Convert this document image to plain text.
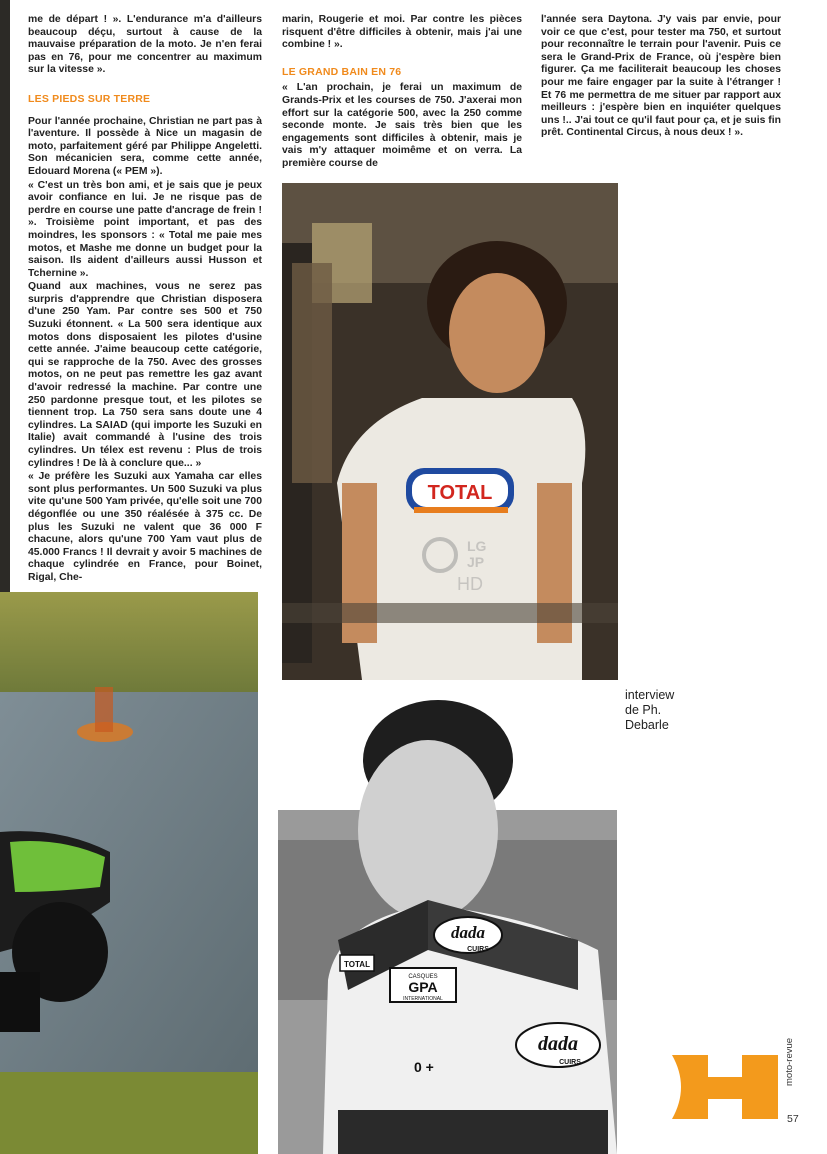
me de départ ! ». L'endurance m'a d'ailleurs beaucoup déçu, surtout à cause de la mauvaise préparation de la moto. Je n'en ferai pas en 76, pour me concentrer au maximum sur la vitesse ».

LES PIEDS SUR TERRE

Pour l'année prochaine, Christian ne part pas à l'aventure. Il possède à Nice un magasin de moto, parfaitement géré par Philippe Angeletti. Son mécanicien sera, comme cette année, Edouard Morena (« PEM »).

« C'est un très bon ami, et je sais que je peux avoir confiance en lui. Je ne risque pas de perdre en course une patte d'ancrage de frein ! ». Troisième point important, et pas des moindres, les sponsors : « Total me paie mes motos, et Mashe me donne un budget pour la saison. Ils aident d'ailleurs aussi Husson et Tchernine ».

Quand aux machines, vous ne serez pas surpris d'apprendre que Christian disposera d'une 250 Yam. Par contre ses 500 et 750 Suzuki étonnent. « La 500 sera identique aux motos dons disposaient les pilotes d'usine cette année. J'aime beaucoup cette catégorie, qui se rapproche de la 750. Avec des grosses motos, on ne peut pas remettre les gaz avant d'avoir redressé la machine. Par contre une 250 pardonne presque tout, et les pilotes se tiennent trop. La 750 sera sans doute une 4 cylindres. La SAIAD (qui importe les Suzuki en Italie) avait commandé à l'usine des trois cylindres. Un télex est revenu : Plus de trois cylindres ! De là à conclure que... »

« Je préfère les Suzuki aux Yamaha car elles sont plus performantes. Un 500 Suzuki va plus vite qu'une 500 Yam privée, qu'elle soit une 700 dégonflée ou une 350 réalésée à 375 cc. De plus les Suzuki ne valent que 36 000 F chacune, alors qu'une 700 Yam vaut plus de 45.000 Francs ! Il devrait y avoir 5 machines de chaque cylindrée en France, pour Boinet, Rigal, Che-

marin, Rougerie et moi. Par contre les pièces risquent d'être difficiles à obtenir, mais j'ai une combine ! ».

LE GRAND BAIN EN 76

« L'an prochain, je ferai un maximum de Grands-Prix et les courses de 750. J'axerai mon effort sur la catégorie 500, avec la 250 comme seconde monte. Je sais très bien que les engagements sont difficiles à obtenir, mais je vais m'y attaquer moimême et on verra. La première course de

l'année sera Daytona. J'y vais par envie, pour voir ce que c'est, pour tester ma 750, et surtout pour reconnaître le terrain pour l'avenir. Puis ce sera le Grand-Prix de France, où j'espère bien figurer. Ça me faciliterait beaucoup les choses pour me faire engager par la suite à l'étranger ! Et 76 me permettra de me situer par rapport aux meilleurs : j'espère bien en inquiéter quelques uns !.. J'ai tout ce qu'il faut pour ça, et je suis fin prêt. Continental Circus, à nous deux ! ».

TOTAL
LG
JP
HD
dada
CUIRS
CASQUES
GPA
INTERNATIONAL
TOTAL
dada
CUIRS
0 +
interview
de Ph.
Debarle
moto-revue
57
